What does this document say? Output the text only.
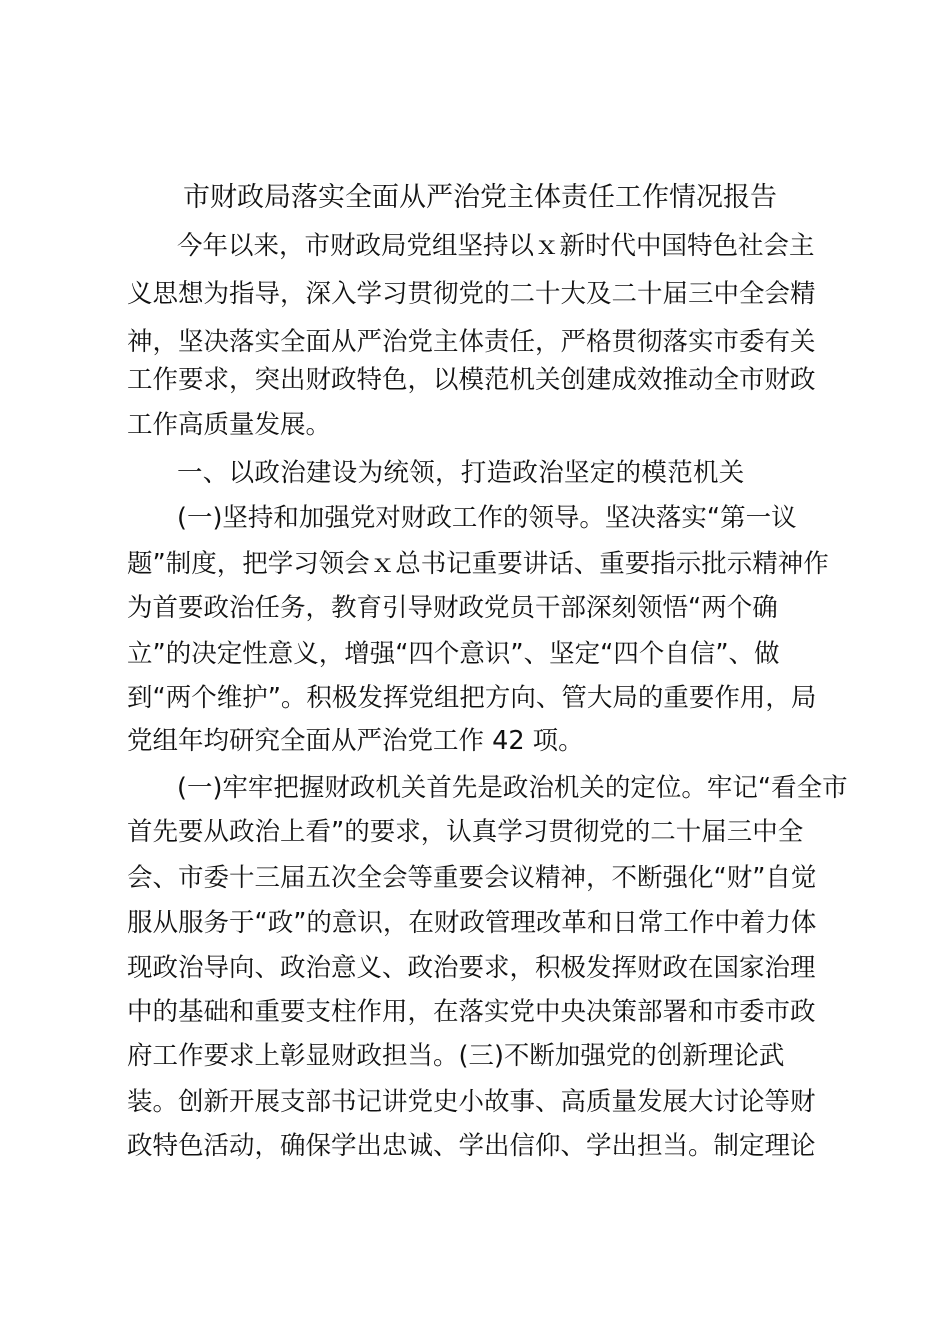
市财政局落实全面从严治党主体责任工作情况报告
今年以来，市财政局党组坚持以ｘ新时代中国特色社会主
义思想为指导，深入学习贯彻党的二十大及二十届三中全会精
神，坚决落实全面从严治党主体责任，严格贯彻落实市委有关
工作要求，突出财政特色，以模范机关创建成效推动全市财政
工作高质量发展。
一、以政治建设为统领，打造政治坚定的模范机关
(一)坚持和加强党对财政工作的领导。坚决落实“第一议
题”制度，把学习领会ｘ总书记重要讲话、重要指示批示精神作
为首要政治任务，教育引导财政党员干部深刻领悟“两个确
立”的决定性意义，增强“四个意识”、坚定“四个自信”、做
到“两个维护”。积极发挥党组把方向、管大局的重要作用，局
党组年均研究全面从严治党工作 42 项。
(一)牢牢把握财政机关首先是政治机关的定位。牢记“看全市
首先要从政治上看”的要求，认真学习贯彻党的二十届三中全
会、市委十三届五次全会等重要会议精神，不断强化“财”自觉
服从服务于“政”的意识，在财政管理改革和日常工作中着力体
现政治导向、政治意义、政治要求，积极发挥财政在国家治理
中的基础和重要支柱作用，在落实党中央决策部署和市委市政
府工作要求上彰显财政担当。(三)不断加强党的创新理论武
装。创新开展支部书记讲党史小故事、高质量发展大讨论等财
政特色活动，确保学出忠诚、学出信仰、学出担当。制定理论
